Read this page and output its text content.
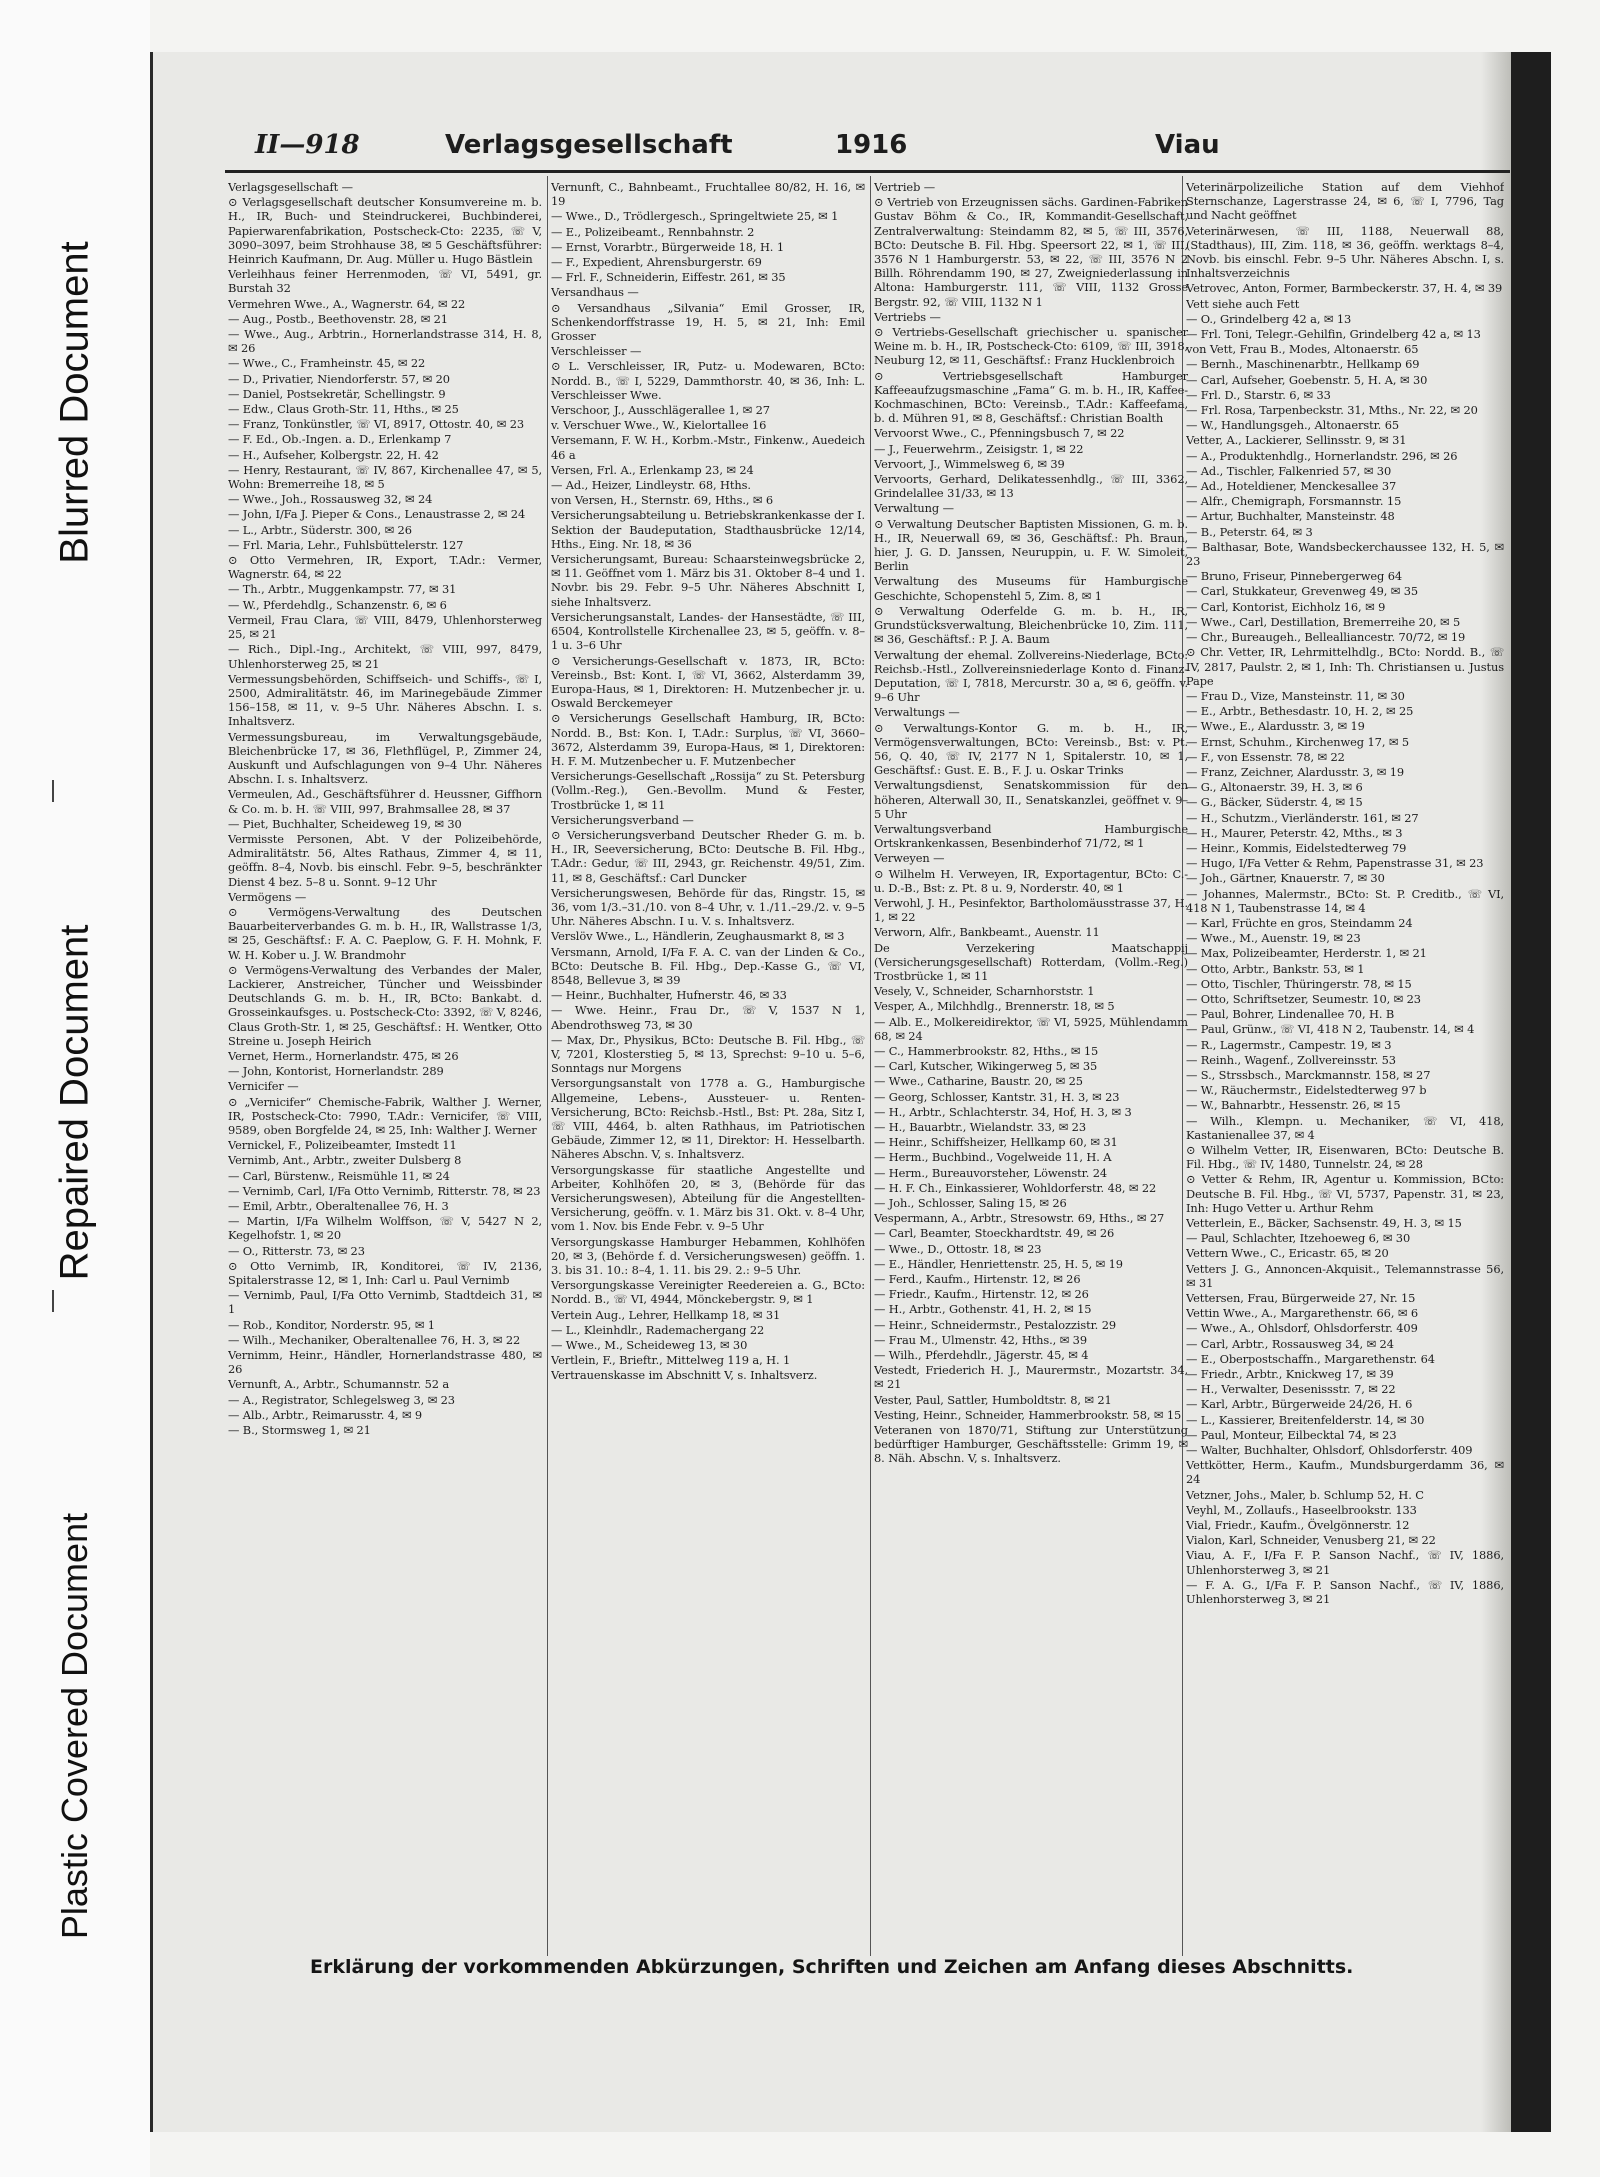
Blurred Document
Repaired Document
Plastic Covered Document
II—918	Verlagsgesellschaft	1916	Viau
Verlagsgesellschaft —
⊙ Verlagsgesellschaft deutscher Konsumvereine m. b. H., IR, Buch- und Steindruckerei, Buchbinderei, Papierwarenfabrikation, Postscheck-Cto: 2235, ☏ V, 3090–3097, beim Strohhause 38, ✉ 5 Geschäftsführer: Heinrich Kaufmann, Dr. Aug. Müller u. Hugo Bästlein
Verleihhaus feiner Herrenmoden, ☏ VI, 5491, gr. Burstah 32
Vermehren Wwe., A., Wagnerstr. 64, ✉ 22
— Aug., Postb., Beethovenstr. 28, ✉ 21
— Wwe., Aug., Arbtrin., Hornerlandstrasse 314, H. 8, ✉ 26
— Wwe., C., Framheinstr. 45, ✉ 22
— D., Privatier, Niendorferstr. 57, ✉ 20
— Daniel, Postsekretär, Schellingstr. 9
— Edw., Claus Groth-Str. 11, Hths., ✉ 25
— Franz, Tonkünstler, ☏ VI, 8917, Ottostr. 40, ✉ 23
— F. Ed., Ob.-Ingen. a. D., Erlenkamp 7
— H., Aufseher, Kolbergstr. 22, H. 42
— Henry, Restaurant, ☏ IV, 867, Kirchenallee 47, ✉ 5, Wohn: Bremerreihe 18, ✉ 5
— Wwe., Joh., Rossausweg 32, ✉ 24
— John, I/Fa J. Pieper & Cons., Lenaustrasse 2, ✉ 24
— L., Arbtr., Süderstr. 300, ✉ 26
— Frl. Maria, Lehr., Fuhlsbüttelerstr. 127
⊙ Otto Vermehren, IR, Export, T.Adr.: Vermer, Wagnerstr. 64, ✉ 22
— Th., Arbtr., Muggenkampstr. 77, ✉ 31
— W., Pferdehdlg., Schanzenstr. 6, ✉ 6
Vermeil, Frau Clara, ☏ VIII, 8479, Uhlenhorsterweg 25, ✉ 21
— Rich., Dipl.-Ing., Architekt, ☏ VIII, 997, 8479, Uhlenhorsterweg 25, ✉ 21
Vermessungsbehörden, Schiffseich- und Schiffs-, ☏ I, 2500, Admiralitätstr. 46, im Marinegebäude Zimmer 156–158, ✉ 11, v. 9–5 Uhr. Näheres Abschn. I. s. Inhaltsverz.
Vermessungsbureau, im Verwaltungsgebäude, Bleichenbrücke 17, ✉ 36, Flethflügel, P., Zimmer 24, Auskunft und Aufschlagungen von 9–4 Uhr. Näheres Abschn. I. s. Inhaltsverz.
Vermeulen, Ad., Geschäftsführer d. Heussner, Giffhorn & Co. m. b. H. ☏ VIII, 997, Brahmsallee 28, ✉ 37
— Piet, Buchhalter, Scheideweg 19, ✉ 30
Vermisste Personen, Abt. V der Polizeibehörde, Admiralitätstr. 56, Altes Rathaus, Zimmer 4, ✉ 11, geöffn. 8–4, Novb. bis einschl. Febr. 9–5, beschränkter Dienst 4 bez. 5–8 u. Sonnt. 9–12 Uhr
Vermögens —
⊙ Vermögens-Verwaltung des Deutschen Bauarbeiterverbandes G. m. b. H., IR, Wallstrasse 1/3, ✉ 25, Geschäftsf.: F. A. C. Paeplow, G. F. H. Mohnk, F. W. H. Kober u. J. W. Brandmohr
⊙ Vermögens-Verwaltung des Verbandes der Maler, Lackierer, Anstreicher, Tüncher und Weissbinder Deutschlands G. m. b. H., IR, BCto: Bankabt. d. Grosseinkaufsges. u. Postscheck-Cto: 3392, ☏ V, 8246, Claus Groth-Str. 1, ✉ 25, Geschäftsf.: H. Wentker, Otto Streine u. Joseph Heirich
Vernet, Herm., Hornerlandstr. 475, ✉ 26
— John, Kontorist, Hornerlandstr. 289
Vernicifer —
⊙ „Vernicifer“ Chemische-Fabrik, Walther J. Werner, IR, Postscheck-Cto: 7990, T.Adr.: Vernicifer, ☏ VIII, 9589, oben Borgfelde 24, ✉ 25, Inh: Walther J. Werner
Vernickel, F., Polizeibeamter, Imstedt 11
Vernimb, Ant., Arbtr., zweiter Dulsberg 8
— Carl, Bürstenw., Reismühle 11, ✉ 24
— Vernimb, Carl, I/Fa Otto Vernimb, Ritterstr. 78, ✉ 23
— Emil, Arbtr., Oberaltenallee 76, H. 3
— Martin, I/Fa Wilhelm Wolffson, ☏ V, 5427 N 2, Kegelhofstr. 1, ✉ 20
— O., Ritterstr. 73, ✉ 23
⊙ Otto Vernimb, IR, Konditorei, ☏ IV, 2136, Spitalerstrasse 12, ✉ 1, Inh: Carl u. Paul Vernimb
— Vernimb, Paul, I/Fa Otto Vernimb, Stadtdeich 31, ✉ 1
— Rob., Konditor, Norderstr. 95, ✉ 1
— Wilh., Mechaniker, Oberaltenallee 76, H. 3, ✉ 22
Vernimm, Heinr., Händler, Hornerlandstrasse 480, ✉ 26
Vernunft, A., Arbtr., Schumannstr. 52 a
— A., Registrator, Schlegelsweg 3, ✉ 23
— Alb., Arbtr., Reimarusstr. 4, ✉ 9
— B., Stormsweg 1, ✉ 21
Vernunft, C., Bahnbeamt., Fruchtallee 80/82, H. 16, ✉ 19
— Wwe., D., Trödlergesch., Springeltwiete 25, ✉ 1
— E., Polizeibeamt., Rennbahnstr. 2
— Ernst, Vorarbtr., Bürgerweide 18, H. 1
— F., Expedient, Ahrensburgerstr. 69
— Frl. F., Schneiderin, Eiffestr. 261, ✉ 35
Versandhaus —
⊙ Versandhaus „Silvania“ Emil Grosser, IR, Schenkendorffstrasse 19, H. 5, ✉ 21, Inh: Emil Grosser
Verschleisser —
⊙ L. Verschleisser, IR, Putz- u. Modewaren, BCto: Nordd. B., ☏ I, 5229, Dammthorstr. 40, ✉ 36, Inh: L. Verschleisser Wwe.
Verschoor, J., Ausschlägerallee 1, ✉ 27
v. Verschuer Wwe., W., Kielortallee 16
Versemann, F. W. H., Korbm.-Mstr., Finkenw., Auedeich 46 a
Versen, Frl. A., Erlenkamp 23, ✉ 24
— Ad., Heizer, Lindleystr. 68, Hths.
von Versen, H., Sternstr. 69, Hths., ✉ 6
Versicherungsabteilung u. Betriebskrankenkasse der I. Sektion der Baudeputation, Stadthausbrücke 12/14, Hths., Eing. Nr. 18, ✉ 36
Versicherungsamt, Bureau: Schaarsteinwegsbrücke 2, ✉ 11. Geöffnet vom 1. März bis 31. Oktober 8–4 und 1. Novbr. bis 29. Febr. 9–5 Uhr. Näheres Abschnitt I, siehe Inhaltsverz.
Versicherungsanstalt, Landes- der Hansestädte, ☏ III, 6504, Kontrollstelle Kirchenallee 23, ✉ 5, geöffn. v. 8–1 u. 3–6 Uhr
⊙ Versicherungs-Gesellschaft v. 1873, IR, BCto: Vereinsb., Bst: Kont. I, ☏ VI, 3662, Alsterdamm 39, Europa-Haus, ✉ 1, Direktoren: H. Mutzenbecher jr. u. Oswald Berckemeyer
⊙ Versicherungs Gesellschaft Hamburg, IR, BCto: Nordd. B., Bst: Kon. I, T.Adr.: Surplus, ☏ VI, 3660–3672, Alsterdamm 39, Europa-Haus, ✉ 1, Direktoren: H. F. M. Mutzenbecher u. F. Mutzenbecher
Versicherungs-Gesellschaft „Rossija“ zu St. Petersburg (Vollm.-Reg.), Gen.-Bevollm. Mund & Fester, Trostbrücke 1, ✉ 11
Versicherungsverband —
⊙ Versicherungsverband Deutscher Rheder G. m. b. H., IR, Seeversicherung, BCto: Deutsche B. Fil. Hbg., T.Adr.: Gedur, ☏ III, 2943, gr. Reichenstr. 49/51, Zim. 11, ✉ 8, Geschäftsf.: Carl Duncker
Versicherungswesen, Behörde für das, Ringstr. 15, ✉ 36, vom 1/3.–31./10. von 8–4 Uhr, v. 1./11.–29./2. v. 9–5 Uhr. Näheres Abschn. I u. V. s. Inhaltsverz.
Verslöv Wwe., L., Händlerin, Zeughausmarkt 8, ✉ 3
Versmann, Arnold, I/Fa F. A. C. van der Linden & Co., BCto: Deutsche B. Fil. Hbg., Dep.-Kasse G., ☏ VI, 8548, Bellevue 3, ✉ 39
— Heinr., Buchhalter, Hufnerstr. 46, ✉ 33
— Wwe. Heinr., Frau Dr., ☏ V, 1537 N 1, Abendrothsweg 73, ✉ 30
— Max, Dr., Physikus, BCto: Deutsche B. Fil. Hbg., ☏ V, 7201, Klosterstieg 5, ✉ 13, Sprechst: 9–10 u. 5–6, Sonntags nur Morgens
Versorgungsanstalt von 1778 a. G., Hamburgische Allgemeine, Lebens-, Aussteuer- u. Renten-Versicherung, BCto: Reichsb.-Hstl., Bst: Pt. 28a, Sitz I, ☏ VIII, 4464, b. alten Rathhaus, im Patriotischen Gebäude, Zimmer 12, ✉ 11, Direktor: H. Hesselbarth. Näheres Abschn. V, s. Inhaltsverz.
Versorgungskasse für staatliche Angestellte und Arbeiter, Kohlhöfen 20, ✉ 3, (Behörde für das Versicherungswesen), Abteilung für die Angestellten-Versicherung, geöffn. v. 1. März bis 31. Okt. v. 8–4 Uhr, vom 1. Nov. bis Ende Febr. v. 9–5 Uhr
Versorgungskasse Hamburger Hebammen, Kohlhöfen 20, ✉ 3, (Behörde f. d. Versicherungswesen) geöffn. 1. 3. bis 31. 10.: 8–4, 1. 11. bis 29. 2.: 9–5 Uhr.
Versorgungskasse Vereinigter Reedereien a. G., BCto: Nordd. B., ☏ VI, 4944, Mönckebergstr. 9, ✉ 1
Vertein Aug., Lehrer, Hellkamp 18, ✉ 31
— L., Kleinhdlr., Rademachergang 22
— Wwe., M., Scheideweg 13, ✉ 30
Vertlein, F., Brieftr., Mittelweg 119 a, H. 1
Vertrauenskasse im Abschnitt V, s. Inhaltsverz.
Vertrieb —
⊙ Vertrieb von Erzeugnissen sächs. Gardinen-Fabriken Gustav Böhm & Co., IR, Kommandit-Gesellschaft, Zentralverwaltung: Steindamm 82, ✉ 5, ☏ III, 3576, BCto: Deutsche B. Fil. Hbg. Speersort 22, ✉ 1, ☏ III, 3576 N 1 Hamburgerstr. 53, ✉ 22, ☏ III, 3576 N 2 Billh. Röhrendamm 190, ✉ 27, Zweigniederlassung in Altona: Hamburgerstr. 111, ☏ VIII, 1132 Grosse Bergstr. 92, ☏ VIII, 1132 N 1
Vertriebs —
⊙ Vertriebs-Gesellschaft griechischer u. spanischer Weine m. b. H., IR, Postscheck-Cto: 6109, ☏ III, 3918, Neuburg 12, ✉ 11, Geschäftsf.: Franz Hucklenbroich
⊙ Vertriebsgesellschaft Hamburger Kaffeeaufzugsmaschine „Fama“ G. m. b. H., IR, Kaffee-Kochmaschinen, BCto: Vereinsb., T.Adr.: Kaffeefama, b. d. Mühren 91, ✉ 8, Geschäftsf.: Christian Boalth
Vervoorst Wwe., C., Pfenningsbusch 7, ✉ 22
— J., Feuerwehrm., Zeisigstr. 1, ✉ 22
Vervoort, J., Wimmelsweg 6, ✉ 39
Vervoorts, Gerhard, Delikatessenhdlg., ☏ III, 3362, Grindelallee 31/33, ✉ 13
Verwaltung —
⊙ Verwaltung Deutscher Baptisten Missionen, G. m. b. H., IR, Neuerwall 69, ✉ 36, Geschäftsf.: Ph. Braun, hier, J. G. D. Janssen, Neuruppin, u. F. W. Simoleit, Berlin
Verwaltung des Museums für Hamburgische Geschichte, Schopenstehl 5, Zim. 8, ✉ 1
⊙ Verwaltung Oderfelde G. m. b. H., IR, Grundstücksverwaltung, Bleichenbrücke 10, Zim. 111, ✉ 36, Geschäftsf.: P. J. A. Baum
Verwaltung der ehemal. Zollvereins-Niederlage, BCto: Reichsb.-Hstl., Zollvereinsniederlage Konto d. Finanz-Deputation, ☏ I, 7818, Mercurstr. 30 a, ✉ 6, geöffn. v. 9–6 Uhr
Verwaltungs —
⊙ Verwaltungs-Kontor G. m. b. H., IR, Vermögensverwaltungen, BCto: Vereinsb., Bst: v. Pt. 56, Q. 40, ☏ IV, 2177 N 1, Spitalerstr. 10, ✉ 1, Geschäftsf.: Gust. E. B., F. J. u. Oskar Trinks
Verwaltungsdienst, Senatskommission für den höheren, Alterwall 30, II., Senatskanzlei, geöffnet v. 9–5 Uhr
Verwaltungsverband Hamburgische Ortskrankenkassen, Besenbinderhof 71/72, ✉ 1
Verweyen —
⊙ Wilhelm H. Verweyen, IR, Exportagentur, BCto: C.- u. D.-B., Bst: z. Pt. 8 u. 9, Norderstr. 40, ✉ 1
Verwohl, J. H., Pesinfektor, Bartholomäusstrasse 37, H. 1, ✉ 22
Verworn, Alfr., Bankbeamt., Auenstr. 11
De Verzekering Maatschappij (Versicherungsgesellschaft) Rotterdam, (Vollm.-Reg.) Trostbrücke 1, ✉ 11
Vesely, V., Schneider, Scharnhorststr. 1
Vesper, A., Milchhdlg., Brennerstr. 18, ✉ 5
— Alb. E., Molkereidirektor, ☏ VI, 5925, Mühlendamm 68, ✉ 24
— C., Hammerbrookstr. 82, Hths., ✉ 15
— Carl, Kutscher, Wikingerweg 5, ✉ 35
— Wwe., Catharine, Baustr. 20, ✉ 25
— Georg, Schlosser, Kantstr. 31, H. 3, ✉ 23
— H., Arbtr., Schlachterstr. 34, Hof, H. 3, ✉ 3
— H., Bauarbtr., Wielandstr. 33, ✉ 23
— Heinr., Schiffsheizer, Hellkamp 60, ✉ 31
— Herm., Buchbind., Vogelweide 11, H. A
— Herm., Bureauvorsteher, Löwenstr. 24
— H. F. Ch., Einkassierer, Wohldorferstr. 48, ✉ 22
— Joh., Schlosser, Saling 15, ✉ 26
Vespermann, A., Arbtr., Stresowstr. 69, Hths., ✉ 27
— Carl, Beamter, Stoeckhardtstr. 49, ✉ 26
— Wwe., D., Ottostr. 18, ✉ 23
— E., Händler, Henriettenstr. 25, H. 5, ✉ 19
— Ferd., Kaufm., Hirtenstr. 12, ✉ 26
— Friedr., Kaufm., Hirtenstr. 12, ✉ 26
— H., Arbtr., Gothenstr. 41, H. 2, ✉ 15
— Heinr., Schneidermstr., Pestalozzistr. 29
— Frau M., Ulmenstr. 42, Hths., ✉ 39
— Wilh., Pferdehdlr., Jägerstr. 45, ✉ 4
Vestedt, Friederich H. J., Maurermstr., Mozartstr. 34, ✉ 21
Vester, Paul, Sattler, Humboldtstr. 8, ✉ 21
Vesting, Heinr., Schneider, Hammerbrookstr. 58, ✉ 15
Veteranen von 1870/71, Stiftung zur Unterstützung bedürftiger Hamburger, Geschäftsstelle: Grimm 19, ✉ 8. Näh. Abschn. V, s. Inhaltsverz.
Veterinärpolizeiliche Station auf dem Viehhof Sternschanze, Lagerstrasse 24, ✉ 6, ☏ I, 7796, Tag und Nacht geöffnet
Veterinärwesen, ☏ III, 1188, Neuerwall 88, (Stadthaus), III, Zim. 118, ✉ 36, geöffn. werktags 8–4, Novb. bis einschl. Febr. 9–5 Uhr. Näheres Abschn. I, s. Inhaltsverzeichnis
Vetrovec, Anton, Former, Barmbeckerstr. 37, H. 4, ✉ 39
Vett siehe auch Fett
— O., Grindelberg 42 a, ✉ 13
— Frl. Toni, Telegr.-Gehilfin, Grindelberg 42 a, ✉ 13
von Vett, Frau B., Modes, Altonaerstr. 65
— Bernh., Maschinenarbtr., Hellkamp 69
— Carl, Aufseher, Goebenstr. 5, H. A, ✉ 30
— Frl. D., Starstr. 6, ✉ 33
— Frl. Rosa, Tarpenbeckstr. 31, Mths., Nr. 22, ✉ 20
— W., Handlungsgeh., Altonaerstr. 65
Vetter, A., Lackierer, Sellinsstr. 9, ✉ 31
— A., Produktenhdlg., Hornerlandstr. 296, ✉ 26
— Ad., Tischler, Falkenried 57, ✉ 30
— Ad., Hoteldiener, Menckesallee 37
— Alfr., Chemigraph, Forsmannstr. 15
— Artur, Buchhalter, Mansteinstr. 48
— B., Peterstr. 64, ✉ 3
— Balthasar, Bote, Wandsbeckerchaussee 132, H. 5, ✉ 23
— Bruno, Friseur, Pinnebergerweg 64
— Carl, Stukkateur, Grevenweg 49, ✉ 35
— Carl, Kontorist, Eichholz 16, ✉ 9
— Wwe., Carl, Destillation, Bremerreihe 20, ✉ 5
— Chr., Bureaugeh., Bellealliancestr. 70/72, ✉ 19
⊙ Chr. Vetter, IR, Lehrmittelhdlg., BCto: Nordd. B., ☏ IV, 2817, Paulstr. 2, ✉ 1, Inh: Th. Christiansen u. Justus Pape
— Frau D., Vize, Mansteinstr. 11, ✉ 30
— E., Arbtr., Bethesdastr. 10, H. 2, ✉ 25
— Wwe., E., Alardusstr. 3, ✉ 19
— Ernst, Schuhm., Kirchenweg 17, ✉ 5
— F., von Essenstr. 78, ✉ 22
— Franz, Zeichner, Alardusstr. 3, ✉ 19
— G., Altonaerstr. 39, H. 3, ✉ 6
— G., Bäcker, Süderstr. 4, ✉ 15
— H., Schutzm., Vierländerstr. 161, ✉ 27
— H., Maurer, Peterstr. 42, Mths., ✉ 3
— Heinr., Kommis, Eidelstedterweg 79
— Hugo, I/Fa Vetter & Rehm, Papenstrasse 31, ✉ 23
— Joh., Gärtner, Knauerstr. 7, ✉ 30
— Johannes, Malermstr., BCto: St. P. Creditb., ☏ VI, 418 N 1, Taubenstrasse 14, ✉ 4
— Karl, Früchte en gros, Steindamm 24
— Wwe., M., Auenstr. 19, ✉ 23
— Max, Polizeibeamter, Herderstr. 1, ✉ 21
— Otto, Arbtr., Bankstr. 53, ✉ 1
— Otto, Tischler, Thüringerstr. 78, ✉ 15
— Otto, Schriftsetzer, Seumestr. 10, ✉ 23
— Paul, Bohrer, Lindenallee 70, H. B
— Paul, Grünw., ☏ VI, 418 N 2, Taubenstr. 14, ✉ 4
— R., Lagermstr., Campestr. 19, ✉ 3
— Reinh., Wagenf., Zollvereinsstr. 53
— S., Strssbsch., Marckmannstr. 158, ✉ 27
— W., Räuchermstr., Eidelstedterweg 97 b
— W., Bahnarbtr., Hessenstr. 26, ✉ 15
— Wilh., Klempn. u. Mechaniker, ☏ VI, 418, Kastanienallee 37, ✉ 4
⊙ Wilhelm Vetter, IR, Eisenwaren, BCto: Deutsche B. Fil. Hbg., ☏ IV, 1480, Tunnelstr. 24, ✉ 28
⊙ Vetter & Rehm, IR, Agentur u. Kommission, BCto: Deutsche B. Fil. Hbg., ☏ VI, 5737, Papenstr. 31, ✉ 23, Inh: Hugo Vetter u. Arthur Rehm
Vetterlein, E., Bäcker, Sachsenstr. 49, H. 3, ✉ 15
— Paul, Schlachter, Itzehoeweg 6, ✉ 30
Vettern Wwe., C., Ericastr. 65, ✉ 20
Vetters J. G., Annoncen-Akquisit., Telemannstrasse 56, ✉ 31
Vettersen, Frau, Bürgerweide 27, Nr. 15
Vettin Wwe., A., Margarethenstr. 66, ✉ 6
— Wwe., A., Ohlsdorf, Ohlsdorferstr. 409
— Carl, Arbtr., Rossausweg 34, ✉ 24
— E., Oberpostschaffn., Margarethenstr. 64
— Friedr., Arbtr., Knickweg 17, ✉ 39
— H., Verwalter, Desenissstr. 7, ✉ 22
— Karl, Arbtr., Bürgerweide 24/26, H. 6
— L., Kassierer, Breitenfelderstr. 14, ✉ 30
— Paul, Monteur, Eilbecktal 74, ✉ 23
— Walter, Buchhalter, Ohlsdorf, Ohlsdorferstr. 409
Vettkötter, Herm., Kaufm., Mundsburgerdamm 36, ✉ 24
Vetzner, Johs., Maler, b. Schlump 52, H. C
Veyhl, M., Zollaufs., Haseelbrookstr. 133
Vial, Friedr., Kaufm., Övelgönnerstr. 12
Vialon, Karl, Schneider, Venusberg 21, ✉ 22
Viau, A. F., I/Fa F. P. Sanson Nachf., ☏ IV, 1886, Uhlenhorsterweg 3, ✉ 21
— F. A. G., I/Fa F. P. Sanson Nachf., ☏ IV, 1886, Uhlenhorsterweg 3, ✉ 21
Erklärung der vorkommenden Abkürzungen, Schriften und Zeichen am Anfang dieses Abschnitts.
